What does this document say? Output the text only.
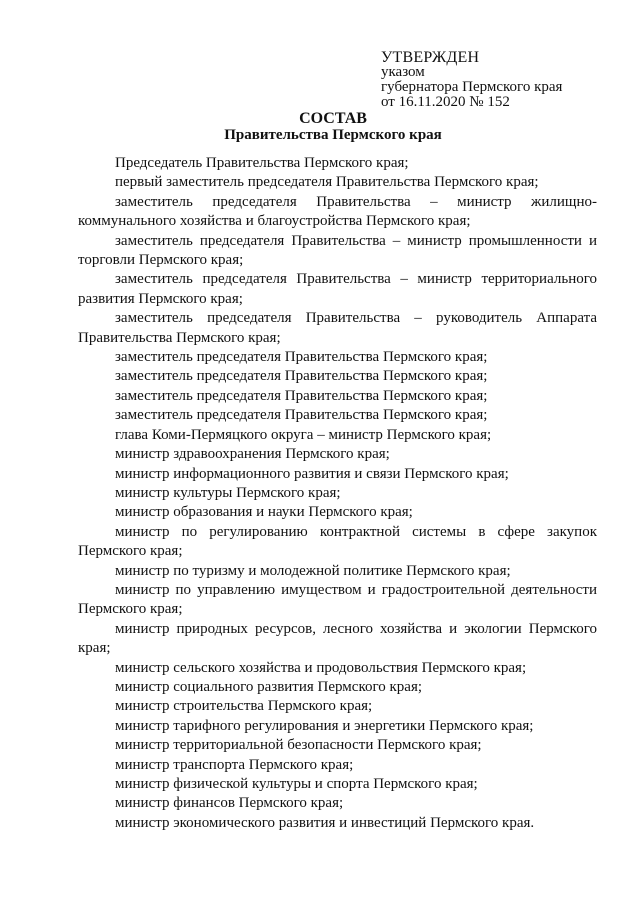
УТВЕРЖДЕН
указом
губернатора Пермского края
от 16.11.2020 № 152
СОСТАВ
Правительства Пермского края

Председатель Правительства Пермского края;

первый заместитель председателя Правительства Пермского края;

заместитель председателя Правительства – министр жилищно-коммунального хозяйства и благоустройства Пермского края;

заместитель председателя Правительства – министр промышленности и торговли Пермского края;

заместитель председателя Правительства – министр территориального развития Пермского края;

заместитель председателя Правительства – руководитель Аппарата Правительства Пермского края;

заместитель председателя Правительства Пермского края;

заместитель председателя Правительства Пермского края;

заместитель председателя Правительства Пермского края;

заместитель председателя Правительства Пермского края;

глава Коми-Пермяцкого округа – министр Пермского края;

министр здравоохранения Пермского края;

министр информационного развития и связи Пермского края;

министр культуры Пермского края;

министр образования и науки Пермского края;

министр по регулированию контрактной системы в сфере закупок Пермского края;

министр по туризму и молодежной политике Пермского края;

министр по управлению имуществом и градостроительной деятельности Пермского края;

министр природных ресурсов, лесного хозяйства и экологии Пермского края;

министр сельского хозяйства и продовольствия Пермского края;

министр социального развития Пермского края;

министр строительства Пермского края;

министр тарифного регулирования и энергетики Пермского края;

министр территориальной безопасности Пермского края;

министр транспорта Пермского края;

министр физической культуры и спорта Пермского края;

министр финансов Пермского края;

министр экономического развития и инвестиций Пермского края.
